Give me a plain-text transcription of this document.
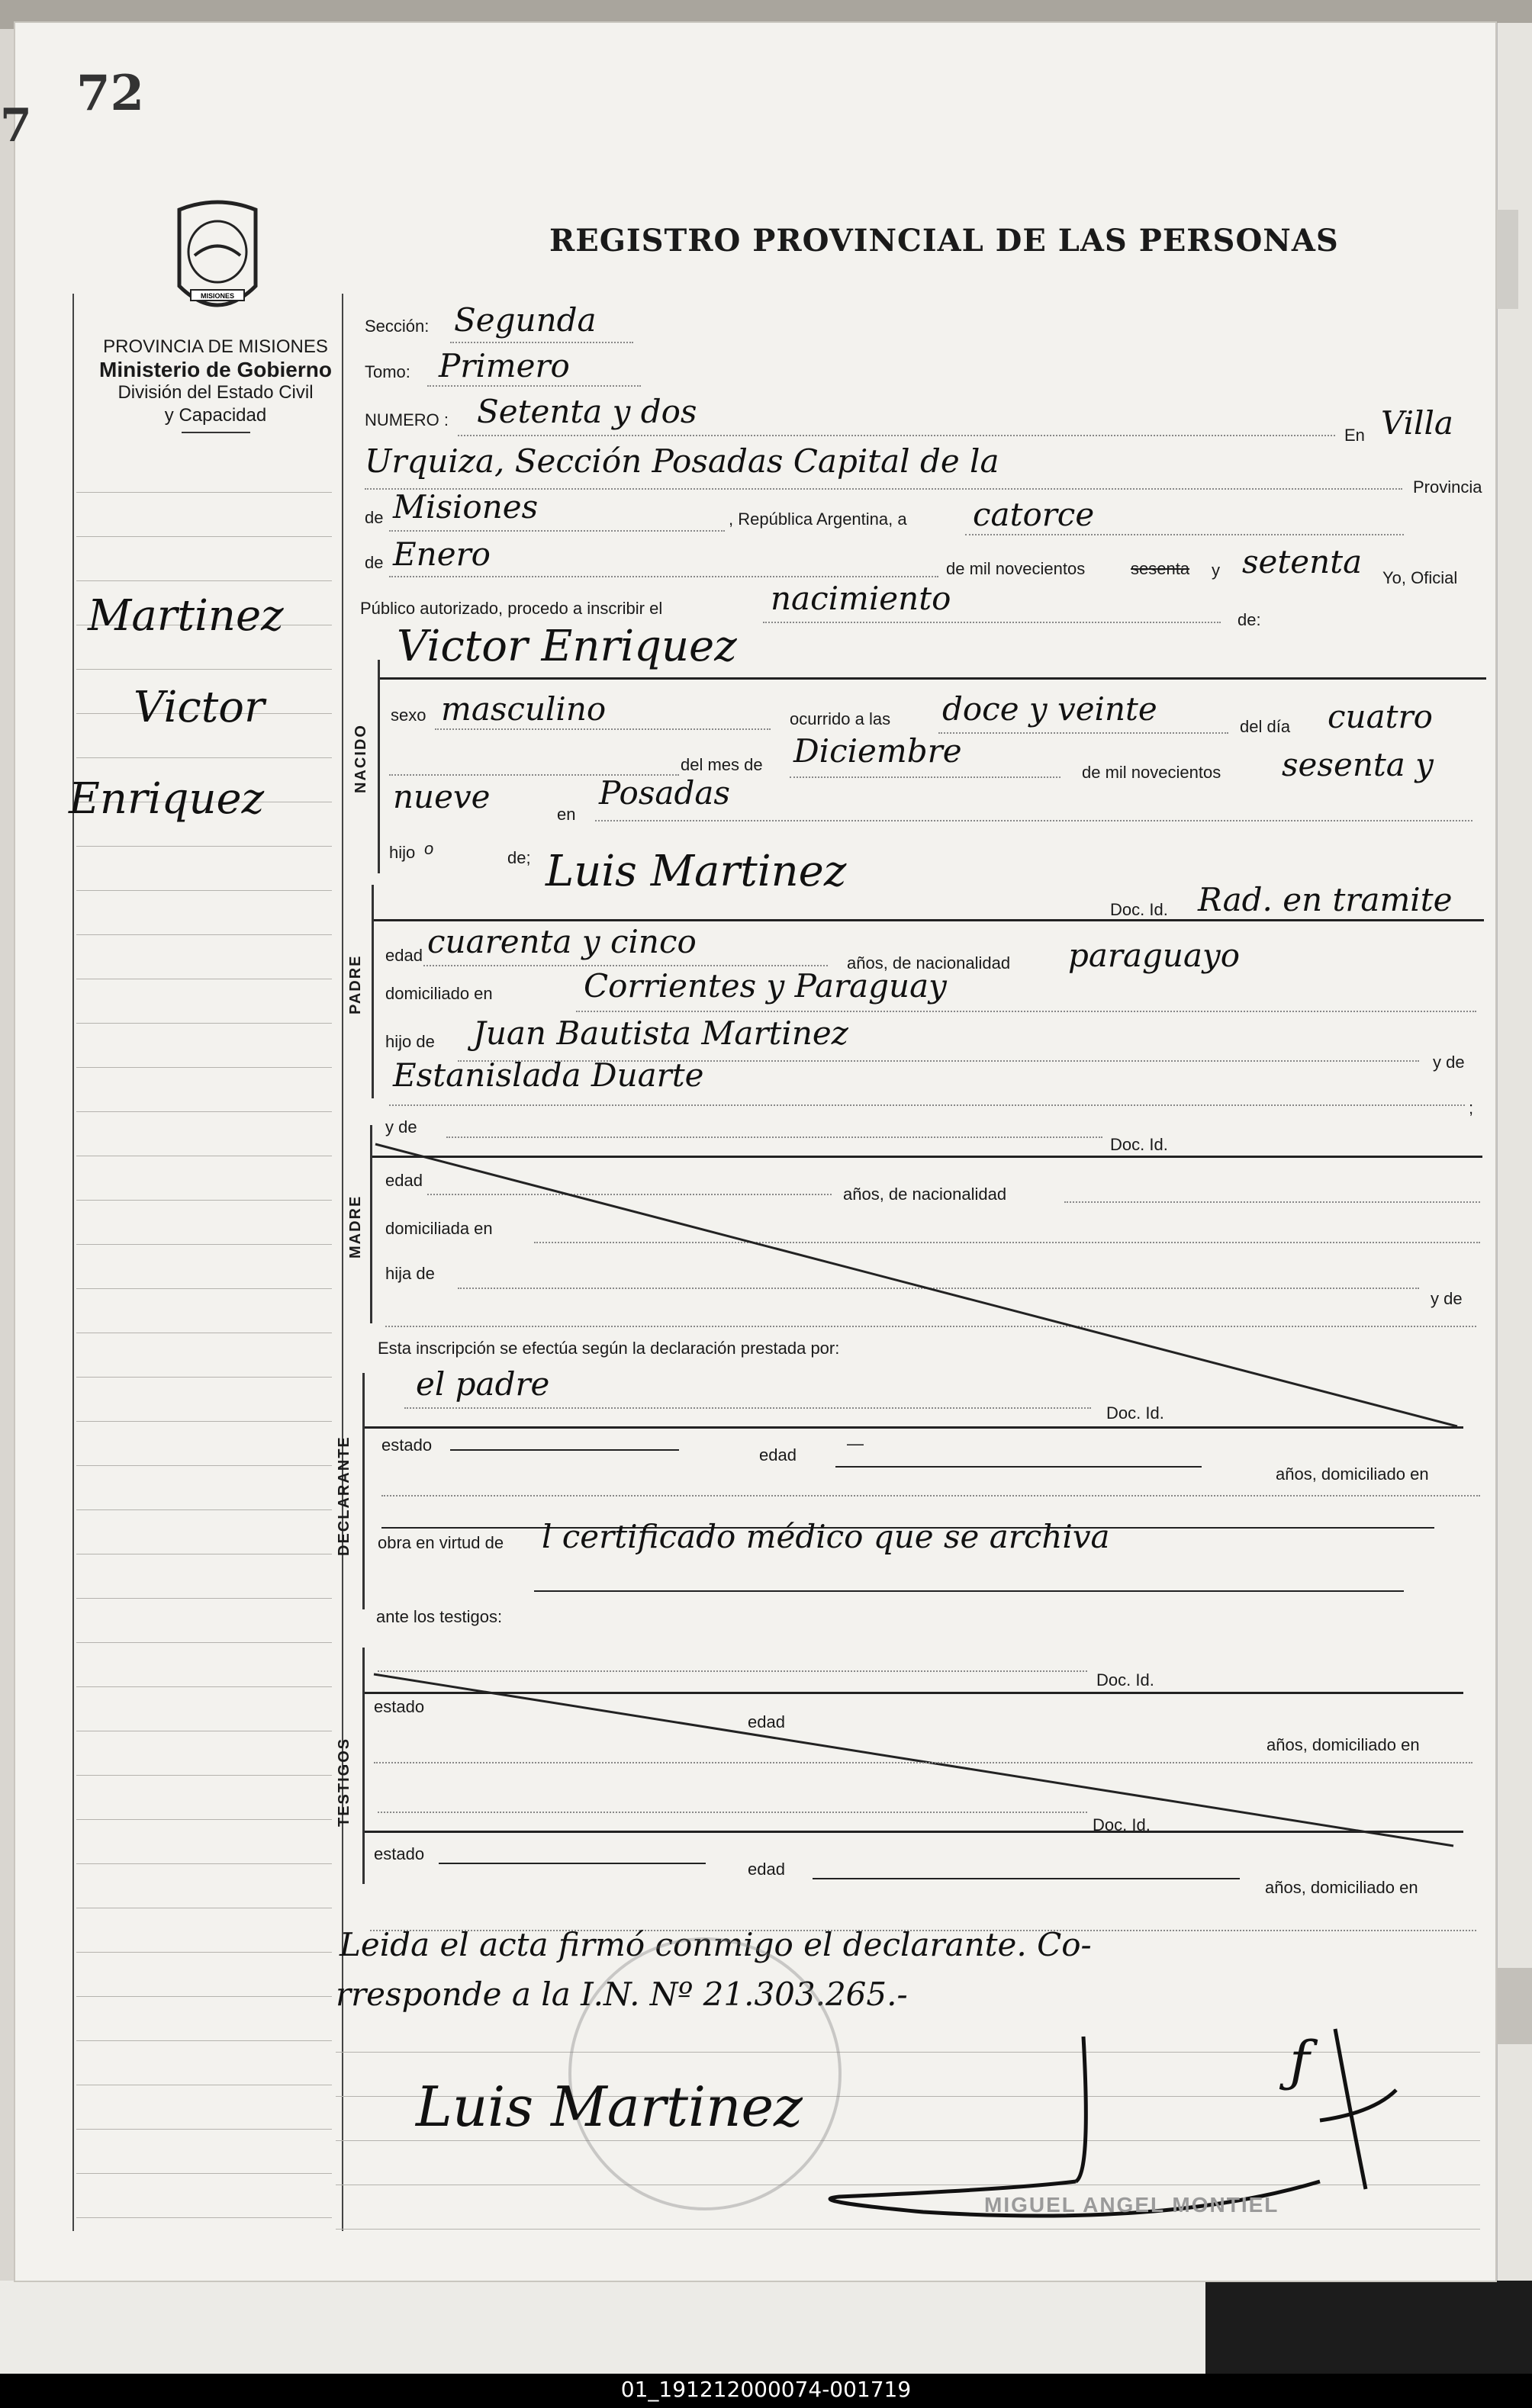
7
72
MISIONES
PROVINCIA DE MISIONES
Ministerio de Gobierno
División del Estado Civil
y Capacidad
REGISTRO PROVINCIAL DE LAS PERSONAS
Martinez
Victor
Enriquez
Sección: Segunda
Tomo: Primero
NUMERO : Setenta y dos
En Villa
Urquiza, Sección Posadas Capital de la
Provincia
de Misiones	, República Argentina, a catorce
de Enero	de mil novecientos	sesenta y setenta Yo, Oficial
Público autorizado, procedo a inscribir el	nacimiento
de:
Victor Enriquez
sexo masculino	ocurrido a las doce y veinte	del día cuatro
del mes de Diciembre
de mil novecientos sesenta y
nueve	en
Posadas
hijo o	de;
PADRE
Luis Martinez
Doc. Id. Rad. en tramite
edad cuarenta y cinco
años, de nacionalidad paraguayo
domiciliado en	Corrientes y Paraguay
hijo de Juan Bautista Martinez
y de
Estanislada Duarte
;
MADRE
y de
Doc. Id.
edad
años, de nacionalidad
domiciliada en
hija de
y de
Esta inscripción se efectúa según la declaración prestada por:
el padre
Doc. Id.
estado
edad
—
años, domiciliado en
obra en virtud de l certificado médico que se archiva
ante los testigos:
Doc. Id.
estado
edad
años, domiciliado en
Doc. Id.
estado
edad
años, domiciliado en
Leida el acta firmó conmigo el declarante. Co-
rresponde a la I.N. Nº 21.303.265.-
Luis Martinez
ƒ
MIGUEL ANGEL MONTIEL
01_191212000074-001719
